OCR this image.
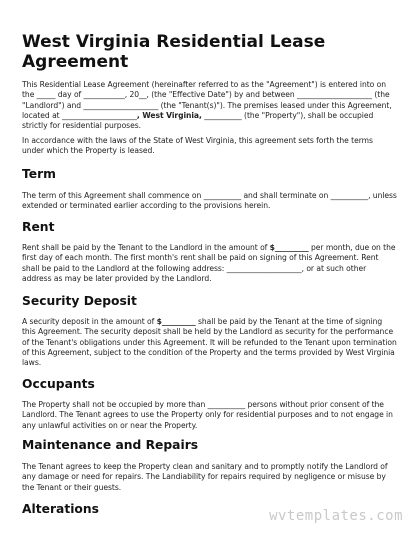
West Virginia Residential Lease Agreement

This Residential Lease Agreement (hereinafter referred to as the "Agreement") is entered into on the _____ day of ___________, 20__, (the "Effective Date") by and between ____________________ (the "Landlord") and ____________________ (the "Tenant(s)"). The premises leased under this Agreement, located at ____________________, West Virginia, __________ (the "Property"), shall be occupied strictly for residential purposes.

In accordance with the laws of the State of West Virginia, this agreement sets forth the terms under which the Property is leased.

Term

The term of this Agreement shall commence on __________ and shall terminate on __________, unless extended or terminated earlier according to the provisions herein.

Rent

Rent shall be paid by the Tenant to the Landlord in the amount of $_________ per month, due on the first day of each month. The first month's rent shall be paid on signing of this Agreement. Rent shall be paid to the Landlord at the following address: ____________________, or at such other address as may be later provided by the Landlord.

Security Deposit

A security deposit in the amount of $_________ shall be paid by the Tenant at the time of signing this Agreement. The security deposit shall be held by the Landlord as security for the performance of the Tenant's obligations under this Agreement. It will be refunded to the Tenant upon termination of this Agreement, subject to the condition of the Property and the terms provided by West Virginia laws.

Occupants

The Property shall not be occupied by more than __________ persons without prior consent of the Landlord. The Tenant agrees to use the Property only for residential purposes and to not engage in any unlawful activities on or near the Property.

Maintenance and Repairs

The Tenant agrees to keep the Property clean and sanitary and to promptly notify the Landlord of any damage or need for repairs. The Landiability for repairs required by negligence or misuse by the Tenant or their guests.

Alterations	wvtemplates.com
